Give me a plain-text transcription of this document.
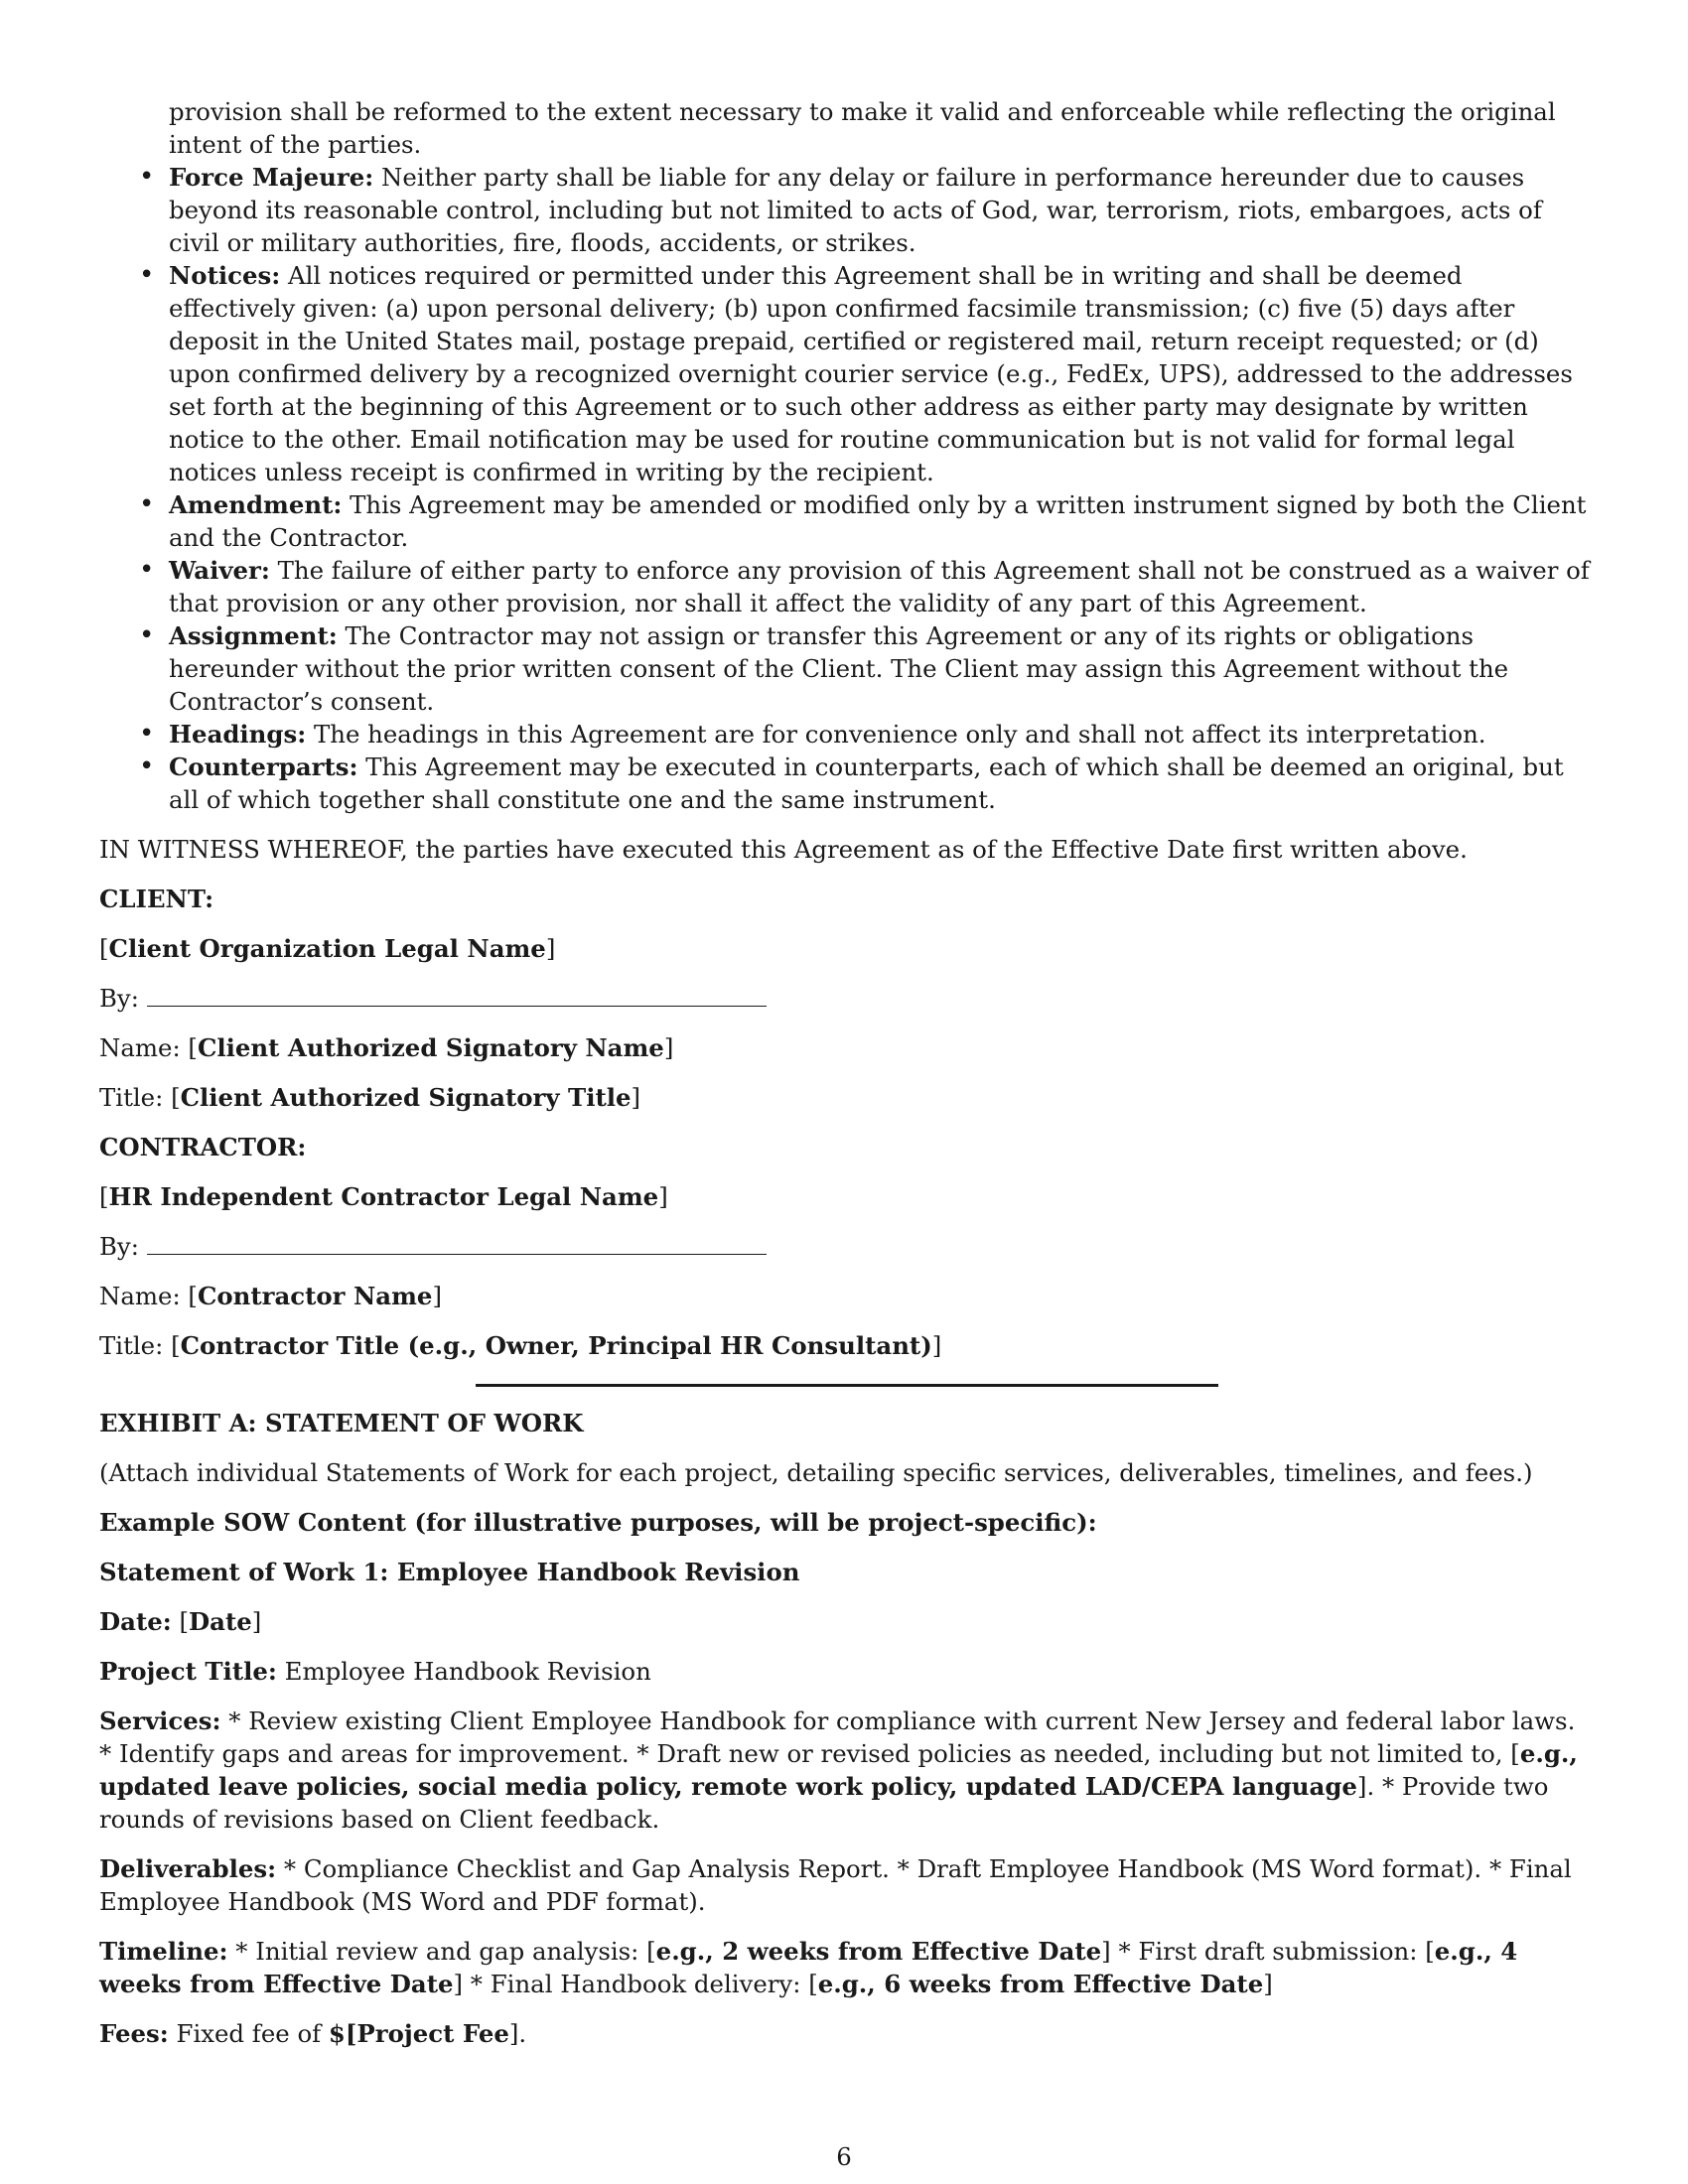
provision shall be reformed to the extent necessary to make it valid and enforceable while reflecting the original intent of the parties.

• Force Majeure: Neither party shall be liable for any delay or failure in performance hereunder due to causes beyond its reasonable control, including but not limited to acts of God, war, terrorism, riots, embargoes, acts of civil or military authorities, fire, floods, accidents, or strikes.
• Notices: All notices required or permitted under this Agreement shall be in writing and shall be deemed effectively given: (a) upon personal delivery; (b) upon confirmed facsimile transmission; (c) five (5) days after deposit in the United States mail, postage prepaid, certified or registered mail, return receipt requested; or (d) upon confirmed delivery by a recognized overnight courier service (e.g., FedEx, UPS), addressed to the addresses set forth at the beginning of this Agreement or to such other address as either party may designate by written notice to the other. Email notification may be used for routine communication but is not valid for formal legal notices unless receipt is confirmed in writing by the recipient.
• Amendment: This Agreement may be amended or modified only by a written instrument signed by both the Client and the Contractor.
• Waiver: The failure of either party to enforce any provision of this Agreement shall not be construed as a waiver of that provision or any other provision, nor shall it affect the validity of any part of this Agreement.
• Assignment: The Contractor may not assign or transfer this Agreement or any of its rights or obligations hereunder without the prior written consent of the Client. The Client may assign this Agreement without the Contractor’s consent.
• Headings: The headings in this Agreement are for convenience only and shall not affect its interpretation.
• Counterparts: This Agreement may be executed in counterparts, each of which shall be deemed an original, but all of which together shall constitute one and the same instrument.

IN WITNESS WHEREOF, the parties have executed this Agreement as of the Effective Date first written above.

CLIENT:

[Client Organization Legal Name]

By:

Name: [Client Authorized Signatory Name]

Title: [Client Authorized Signatory Title]

CONTRACTOR:

[HR Independent Contractor Legal Name]

By:

Name: [Contractor Name]

Title: [Contractor Title (e.g., Owner, Principal HR Consultant)]

EXHIBIT A: STATEMENT OF WORK

(Attach individual Statements of Work for each project, detailing specific services, deliverables, timelines, and fees.)

Example SOW Content (for illustrative purposes, will be project-specific):

Statement of Work 1: Employee Handbook Revision

Date: [Date]

Project Title: Employee Handbook Revision

Services: * Review existing Client Employee Handbook for compliance with current New Jersey and federal labor laws. * Identify gaps and areas for improvement. * Draft new or revised policies as needed, including but not limited to, [e.g., updated leave policies, social media policy, remote work policy, updated LAD/CEPA language]. * Provide two rounds of revisions based on Client feedback.

Deliverables: * Compliance Checklist and Gap Analysis Report. * Draft Employee Handbook (MS Word format). * Final Employee Handbook (MS Word and PDF format).

Timeline: * Initial review and gap analysis: [e.g., 2 weeks from Effective Date] * First draft submission: [e.g., 4 weeks from Effective Date] * Final Handbook delivery: [e.g., 6 weeks from Effective Date]

Fees: Fixed fee of $[Project Fee].

6
